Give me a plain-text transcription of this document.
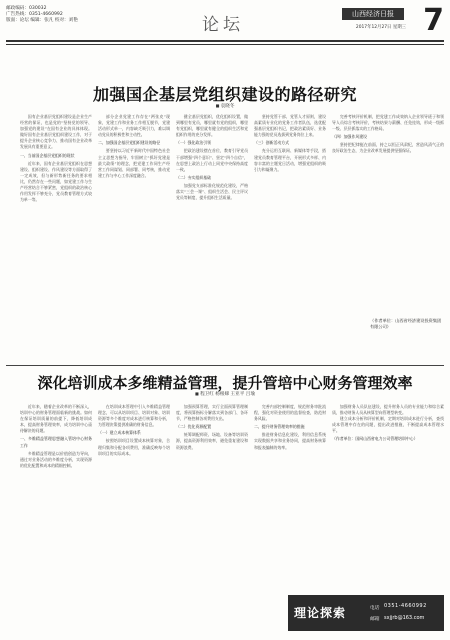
邮政编码：030032
广告热线：0351-4660992
版面：论坛 编辑：张凡 校对：刘艳	论坛
山西经济日报
2017年12月27日 星期三 7
加强国企基层党组织建设的路径研究
■ 袁晓冬

国有企业基层党组织建设是企业生产经营的保证，也是党的“坚持党的领导、加强党的建设”在国有企业的具体体现。做好国有企业基层党组织建设工作，对于提升企业核心竞争力、推动国有企业改革发展具有重要意义。

一、当前国企基层党组织的现状

近年来，国有企业基层党组织在思想建设、组织建设、作风建设等方面取得了一定成效，但与新形势新任务的要求相比，仍然存在一些问题，如党建工作与生产经营结合不够紧密，党组织的政治核心作用发挥不够充分，党员教育管理方式较为单一等。

部分企业党建工作存在“两张皮”现象，党建工作和业务工作相互脱节，党建活动形式单一，内容缺乏吸引力，难以调动党员的积极性和主动性。

二、加强国企基层党组织建设的路径

要坚持以习近平新时代中国特色社会主义思想为指导，牢固树立“抓好党建是最大政绩”的理念，把党建工作同生产经营工作同谋划、同部署、同考核，推动党建工作与中心工作深度融合。

健全基层党组织，优化组织设置，做到哪里有党员，哪里就有党的组织，哪里有党组织，哪里就有健全的组织生活和党组织作用的充分发挥。

（一）强化政治引领

把政治建设摆在首位，教育引导党员干部增强“四个意识”、坚定“四个自信”，在思想上政治上行动上同党中央保持高度一致。

（二）夯实组织基础

加强党支部标准化规范化建设，严格落实“三会一课”、组织生活会、民主评议党员等制度，提升组织生活质量。

坚持党管干部、党管人才原则，建设高素质专业化的党务工作者队伍，选优配强基层党组织书记，把政治素质好、业务能力强的党员选拔到党务岗位上来。

（三）创新活动方式

充分运用互联网、新媒体等手段，搭建党员教育管理平台，开展形式多样、内容丰富的主题党日活动，增强党组织的吸引力和凝聚力。

完善考核评价机制，把党建工作成效纳入企业领导班子和领导人员综合考核评价，考核结果与薪酬、任免挂钩，形成一级抓一级、层层抓落实的工作格局。

（四）加强作风建设

坚持把纪律挺在前面，持之以恒正风肃纪，营造风清气正的良好政治生态，为企业改革发展提供坚强保证。

（作者单位：山西省经济建设投资集团有限公司）
深化培训成本多维精益管理，提升管培中心财务管理效率
■ 程卫红 杨根娣 王亚平 吕瑜

近年来，随着企业改革的不断深入，培训中心的财务管理面临新的挑战。如何在保证培训质量的前提下，降低培训成本，提高财务管理效率，成为培训中心亟待解决的问题。

一、多维精益管理思想融入管培中心财务工作

多维精益管理是以价值创造为导向，通过对业务活动的多维度分析，实现资源的优化配置和成本的精细控制。

在培训成本管理中引入多维精益管理理念，可以从培训项目、培训对象、培训资源等多个维度对成本进行核算和分析，为管理决策提供准确的财务信息。

（一）建立成本核算体系

按照培训项目设置成本核算对象，合理归集和分配各项费用，准确反映每个培训项目的实际成本。

加强预算管理，实行全面预算管理制度，将预算指标分解落实到各部门、各环节，严格控制各项费用支出。

（二）优化资源配置

统筹调配师资、场地、设备等培训资源，提高资源利用效率，避免重复建设和资源浪费。

完善内部控制制度，规范财务审批流程，强化对资金使用的监督检查，防范财务风险。

二、提升财务管理效率的措施

推进财务信息化建设，利用信息系统实现数据共享和业务协同，提高财务核算和报表编制的效率。

加强财务人员队伍建设，提升财务人员的专业能力和综合素质，推动财务人员从核算型向管理型转变。

建立成本分析和评价机制，定期对培训成本进行分析，查找成本管理中存在的问题，提出改进措施，不断提高成本管理水平。

（作者单位：国网山西省电力公司管理培训中心）

理论探索	电话 0351-4660992
邮箱 sxjjrb@163.com
